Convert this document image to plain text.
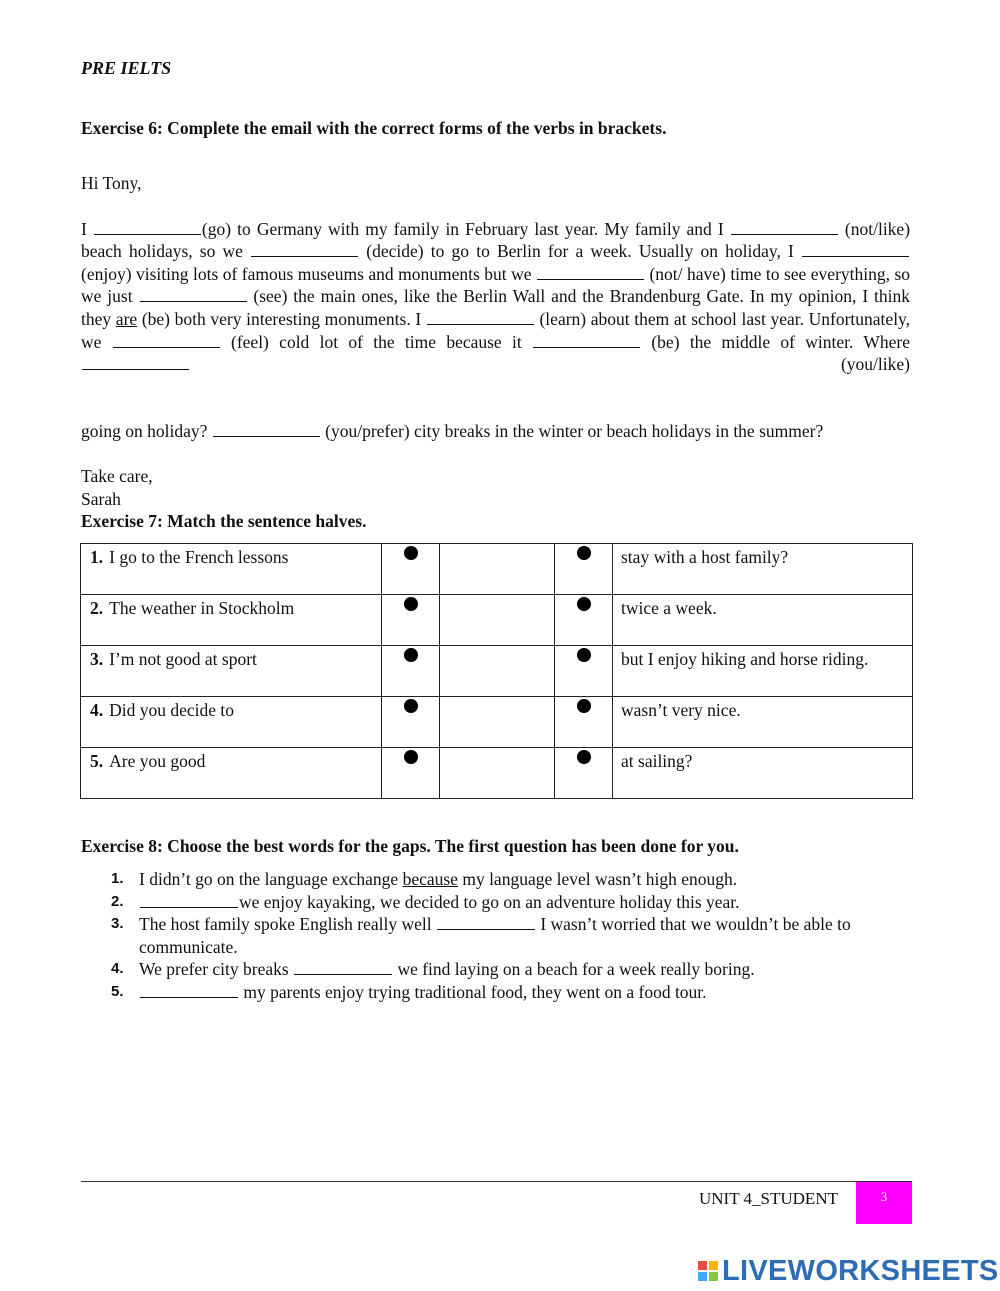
PRE IELTS
Exercise 6: Complete the email with the correct forms of the verbs in brackets.

Hi Tony,

I	(go) to Germany with my family in February last year. My family and I	(not/like) beach holidays, so we	(decide) to go to Berlin for a week. Usually on holiday, I  (enjoy) visiting lots of famous museums and monuments but we	(not/ have) time to see everything, so we just	(see) the main ones, like the Berlin Wall and the Brandenburg Gate. In my opinion, I think they are (be) both very interesting monuments. I	(learn) about them at school last year. Unfortunately, we	(feel) cold lot of the time because it	(be) the middle of winter. Where  (you/like)

going on holiday?	(you/prefer) city breaks in the winter or beach holidays in the summer?

Take care,

Sarah

Exercise 7: Match the sentence halves.
1. I go to the French lessons				stay with a host family?

2. The weather in Stockholm				twice a week.

3. I’m not good at sport				but I enjoy hiking and horse riding.

4. Did you decide to				wasn’t very nice.

5. Are you good				at sailing?
Exercise 8: Choose the best words for the gaps. The first question has been done for you.
1. I didn’t go on the language exchange because my language level wasn’t high enough.
2.	we enjoy kayaking, we decided to go on an adventure holiday this year.
3. The host family spoke English really well	I wasn’t worried that we wouldn’t be able to communicate.
4. We prefer city breaks	we find laying on a beach for a week really boring.
5.	my parents enjoy trying traditional food, they went on a food tour.
UNIT 4_STUDENT	3
LIVEWORKSHEETS
